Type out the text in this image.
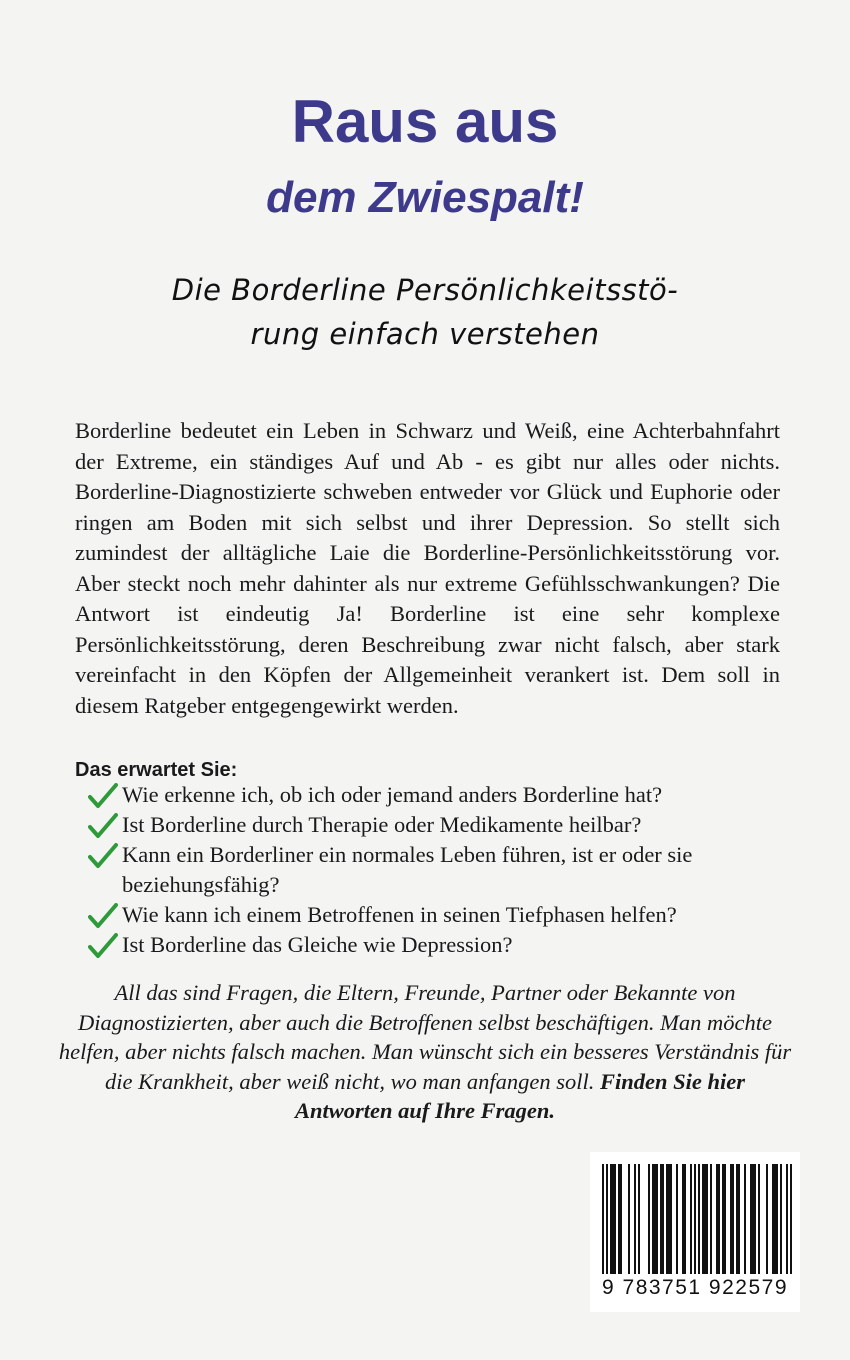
Raus aus
dem Zwiespalt!
Die Borderline Persönlichkeitsstö-
rung einfach verstehen

Borderline bedeutet ein Leben in Schwarz und Weiß, eine Achterbahnfahrt der Extreme, ein ständiges Auf und Ab - es gibt nur alles oder nichts. Borderline-Diagnostizierte schweben entweder vor Glück und Euphorie oder ringen am Boden mit sich selbst und ihrer Depression. So stellt sich zumindest der alltägliche Laie die Borderline-Persönlichkeitsstörung vor. Aber steckt noch mehr dahinter als nur extreme Gefühlsschwankungen? Die Antwort ist eindeutig Ja! Borderline ist eine sehr komplexe Persönlichkeitsstörung, deren Beschreibung zwar nicht falsch, aber stark vereinfacht in den Köpfen der Allgemeinheit verankert ist. Dem soll in diesem Ratgeber entgegengewirkt werden.

Das erwartet Sie:
Wie erkenne ich, ob ich oder jemand anders Borderline hat?
Ist Borderline durch Therapie oder Medikamente heilbar?
Kann ein Borderliner ein normales Leben führen, ist er oder sie beziehungsfähig?
Wie kann ich einem Betroffenen in seinen Tiefphasen helfen?
Ist Borderline das Gleiche wie Depression?

All das sind Fragen, die Eltern, Freunde, Partner oder Bekannte von Diagnostizierten, aber auch die Betroffenen selbst beschäftigen. Man möchte helfen, aber nichts falsch machen. Man wünscht sich ein besseres Verständnis für die Krankheit, aber weiß nicht, wo man anfangen soll. Finden Sie hier Antworten auf Ihre Fragen.

9 783751 922579
